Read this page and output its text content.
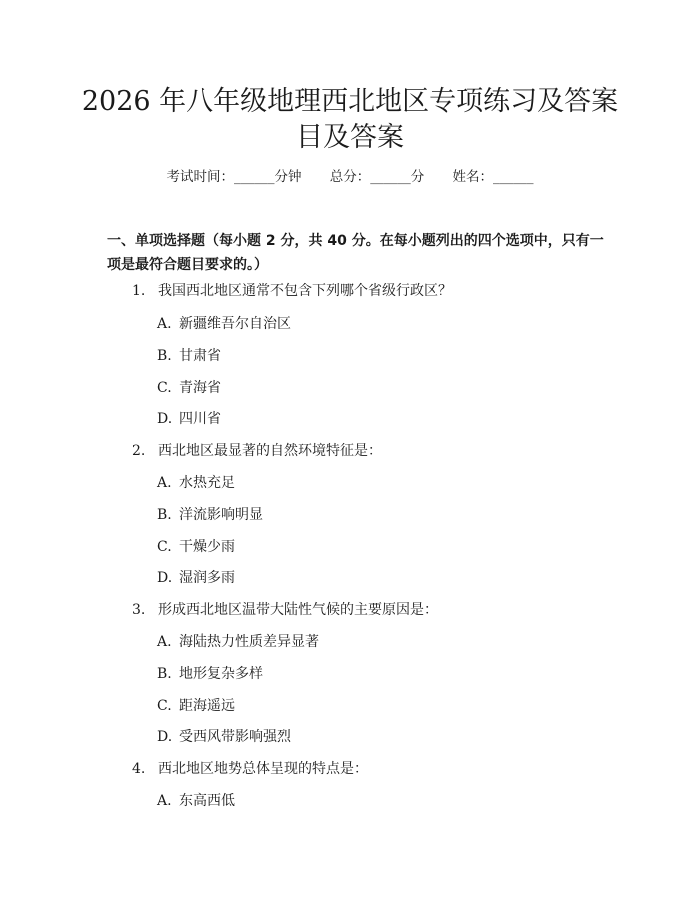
2026 年八年级地理西北地区专项练习及答案
目及答案
考试时间：______分钟 总分：______分 姓名：______

一、单项选择题（每小题 2 分，共 40 分。在每小题列出的四个选项中，只有一项是最符合题目要求的。）

1. 我国西北地区通常不包含下列哪个省级行政区？
A. 新疆维吾尔自治区
B. 甘肃省
C. 青海省
D. 四川省
2. 西北地区最显著的自然环境特征是：
A. 水热充足
B. 洋流影响明显
C. 干燥少雨
D. 湿润多雨
3. 形成西北地区温带大陆性气候的主要原因是：
A. 海陆热力性质差异显著
B. 地形复杂多样
C. 距海遥远
D. 受西风带影响强烈
4. 西北地区地势总体呈现的特点是：
A. 东高西低
